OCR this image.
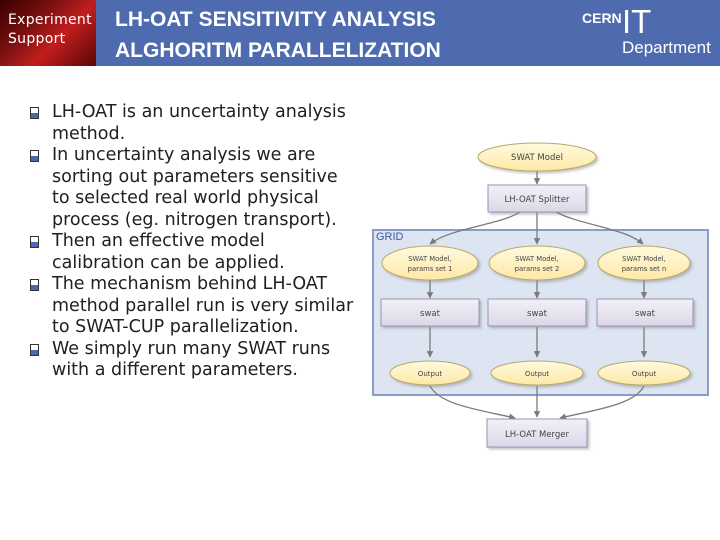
Experiment
Support
LH-OAT SENSITIVITY ANALYSIS
ALGHORITM PARALLELIZATION
CERN IT
Department
LH-OAT is an uncertainty analysis method.
In uncertainty analysis we are sorting out parameters sensitive to selected real world physical process (eg. nitrogen transport).
Then an effective model calibration can be applied.
The mechanism behind LH-OAT method parallel run is very similar to SWAT-CUP parallelization.
We simply run many SWAT runs with a different parameters.
GRID
SWAT Model
LH-OAT Splitter
SWAT Model,
params set 1
swat
Output
SWAT Model,
params set 2
swat
Output
SWAT Model,
params set n
swat
Output
LH-OAT Merger
